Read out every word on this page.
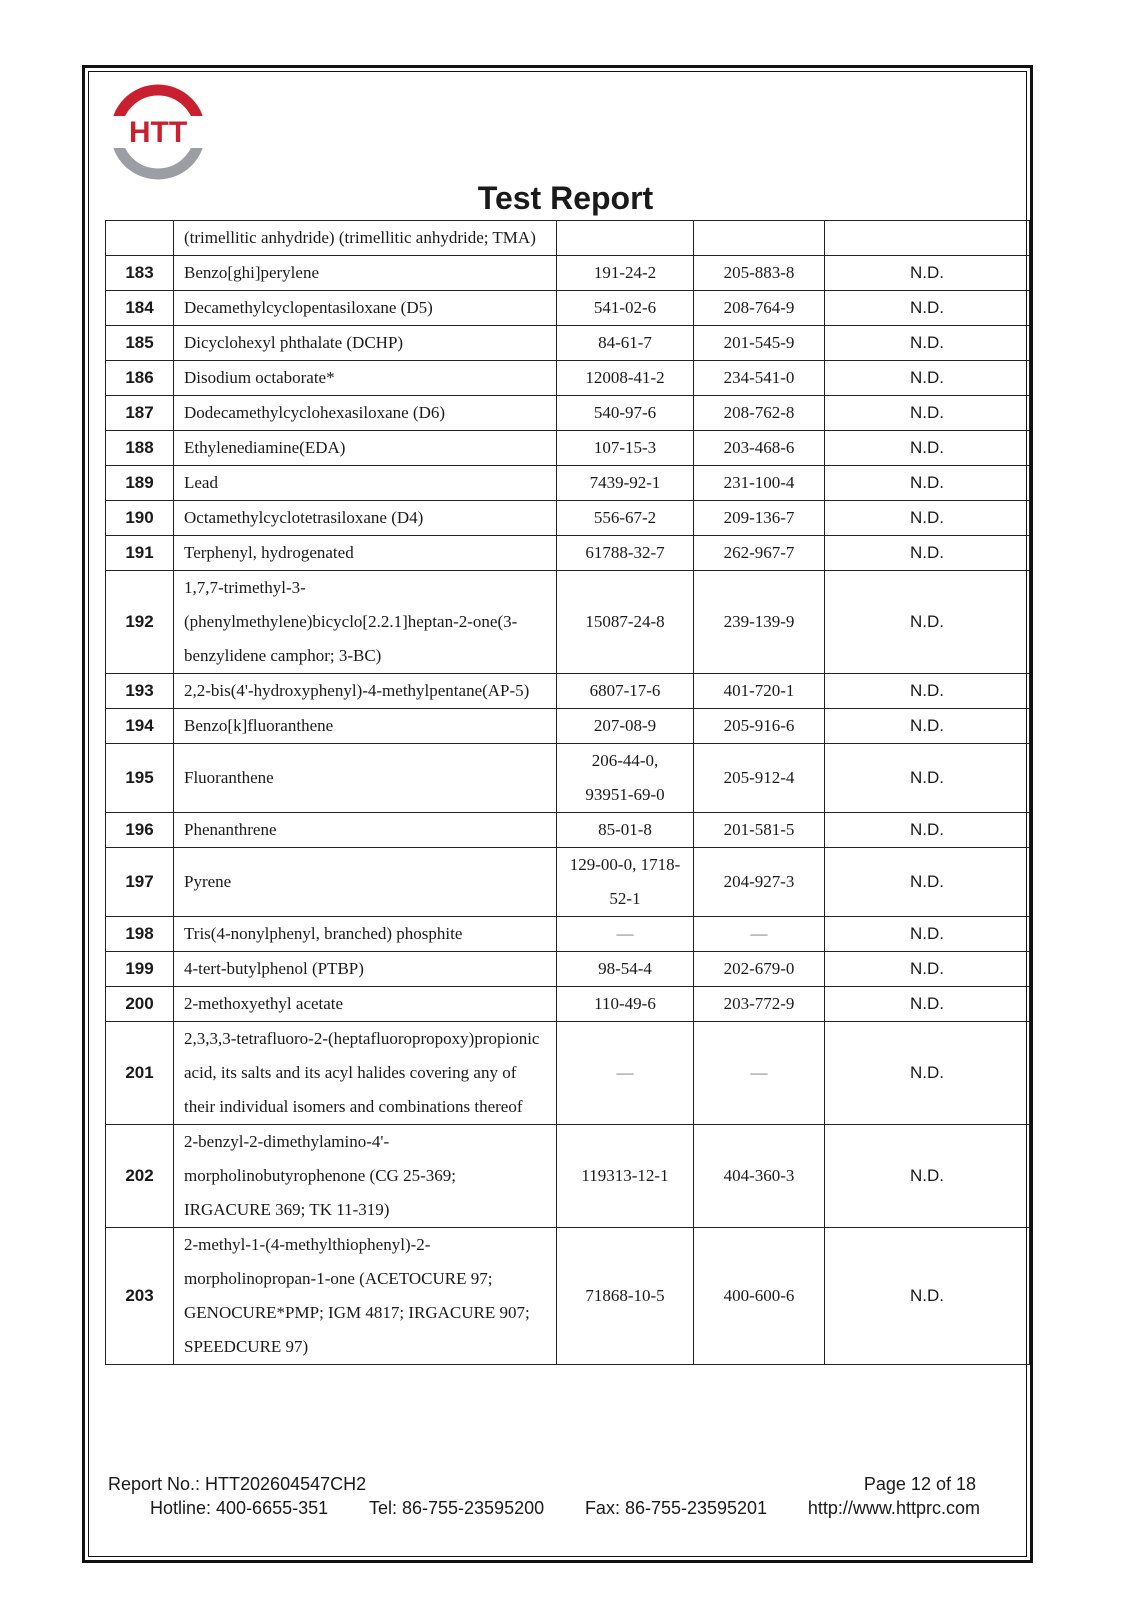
HTT
Test Report
	(trimellitic anhydride) (trimellitic anhydride; TMA)			
183	Benzo[ghi]perylene	191-24-2	205-883-8	N.D.
184	Decamethylcyclopentasiloxane (D5)	541-02-6	208-764-9	N.D.
185	Dicyclohexyl phthalate (DCHP)	84-61-7	201-545-9	N.D.
186	Disodium octaborate*	12008-41-2	234-541-0	N.D.
187	Dodecamethylcyclohexasiloxane (D6)	540-97-6	208-762-8	N.D.
188	Ethylenediamine(EDA)	107-15-3	203-468-6	N.D.
189	Lead	7439-92-1	231-100-4	N.D.
190	Octamethylcyclotetrasiloxane (D4)	556-67-2	209-136-7	N.D.
191	Terphenyl, hydrogenated	61788-32-7	262-967-7	N.D.
192	1,7,7-trimethyl-3-(phenylmethylene)bicyclo[2.2.1]heptan-2-one(3-benzylidene camphor; 3-BC)	15087-24-8	239-139-9	N.D.
193	2,2-bis(4'-hydroxyphenyl)-4-methylpentane(AP-5)	6807-17-6	401-720-1	N.D.
194	Benzo[k]fluoranthene	207-08-9	205-916-6	N.D.
195	Fluoranthene	206-44-0, 93951-69-0	205-912-4	N.D.
196	Phenanthrene	85-01-8	201-581-5	N.D.
197	Pyrene	129-00-0, 1718-52-1	204-927-3	N.D.
198	Tris(4-nonylphenyl, branched) phosphite	—	—	N.D.
199	4-tert-butylphenol (PTBP)	98-54-4	202-679-0	N.D.
200	2-methoxyethyl acetate	110-49-6	203-772-9	N.D.
201	2,3,3,3-tetrafluoro-2-(heptafluoropropoxy)propionic acid, its salts and its acyl halides covering any of their individual isomers and combinations thereof	—	—	N.D.
202	2-benzyl-2-dimethylamino-4'-morpholinobutyrophenone (CG 25-369; IRGACURE 369; TK 11-319)	119313-12-1	404-360-3	N.D.
203	2-methyl-1-(4-methylthiophenyl)-2-morpholinopropan-1-one (ACETOCURE 97; GENOCURE*PMP; IGM 4817; IRGACURE 907; SPEEDCURE 97)	71868-10-5	400-600-6	N.D.
Report No.: HTT202604547CH2	Page 12 of 18
Hotline: 400-6655-351 Tel: 86-755-23595200 Fax: 86-755-23595201 http://www.httprc.com
